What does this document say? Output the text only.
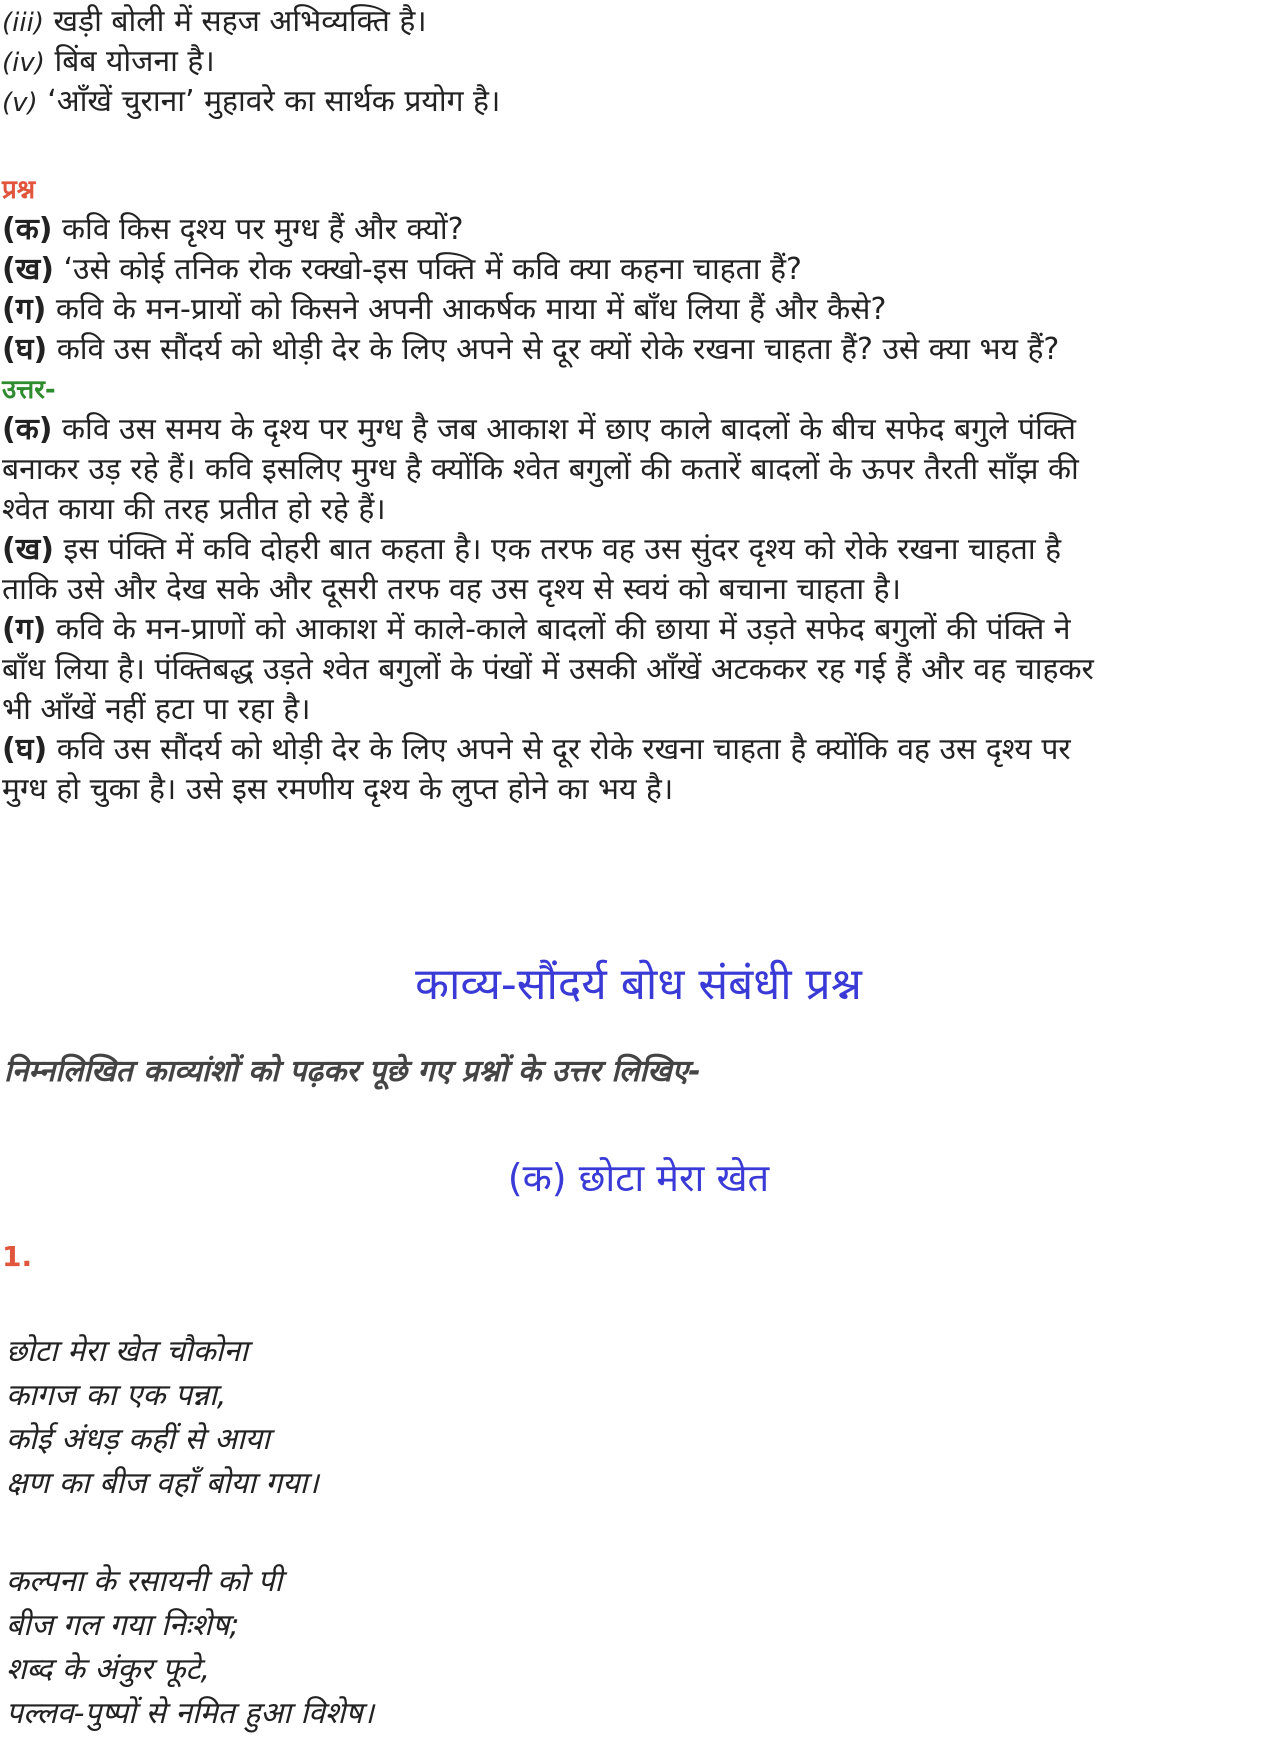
(iii) खड़ी बोली में सहज अभिव्यक्ति है।
(iv) बिंब योजना है।
(v) ‘आँखें चुराना’ मुहावरे का सार्थक प्रयोग है।
प्रश्न
(क) कवि किस दृश्य पर मुग्ध हैं और क्यों?
(ख) ‘उसे कोई तनिक रोक रक्खो-इस पक्ति में कवि क्या कहना चाहता हैं?
(ग) कवि के मन-प्रायों को किसने अपनी आकर्षक माया में बाँध लिया हैं और कैसे?
(घ) कवि उस सौंदर्य को थोड़ी देर के लिए अपने से दूर क्यों रोके रखना चाहता हैं? उसे क्या भय हैं?
उत्तर-
(क) कवि उस समय के दृश्य पर मुग्ध है जब आकाश में छाए काले बादलों के बीच सफेद बगुले पंक्ति
बनाकर उड़ रहे हैं। कवि इसलिए मुग्ध है क्योंकि श्वेत बगुलों की कतारें बादलों के ऊपर तैरती साँझ की
श्वेत काया की तरह प्रतीत हो रहे हैं।
(ख) इस पंक्ति में कवि दोहरी बात कहता है। एक तरफ वह उस सुंदर दृश्य को रोके रखना चाहता है
ताकि उसे और देख सके और दूसरी तरफ वह उस दृश्य से स्वयं को बचाना चाहता है।
(ग) कवि के मन-प्राणों को आकाश में काले-काले बादलों की छाया में उड़ते सफेद बगुलों की पंक्ति ने
बाँध लिया है। पंक्तिबद्ध उड़ते श्वेत बगुलों के पंखों में उसकी आँखें अटककर रह गई हैं और वह चाहकर
भी आँखें नहीं हटा पा रहा है।
(घ) कवि उस सौंदर्य को थोड़ी देर के लिए अपने से दूर रोके रखना चाहता है क्योंकि वह उस दृश्य पर
मुग्ध हो चुका है। उसे इस रमणीय दृश्य के लुप्त होने का भय है।
काव्य-सौंदर्य बोध संबंधी प्रश्न
निम्नलिखित काव्यांशों को पढ़कर पूछे गए प्रश्नों के उत्तर लिखिए-
(क) छोटा मेरा खेत
1.
छोटा मेरा खेत चौकोना
कागज का एक पन्ना,
कोई अंधड़ कहीं से आया
क्षण का बीज वहाँ बोया गया।
कल्पना के रसायनी को पी
बीज गल गया निःशेष;
शब्द के अंकुर फूटे,
पल्लव-पुष्पों से नमित हुआ विशेष।
